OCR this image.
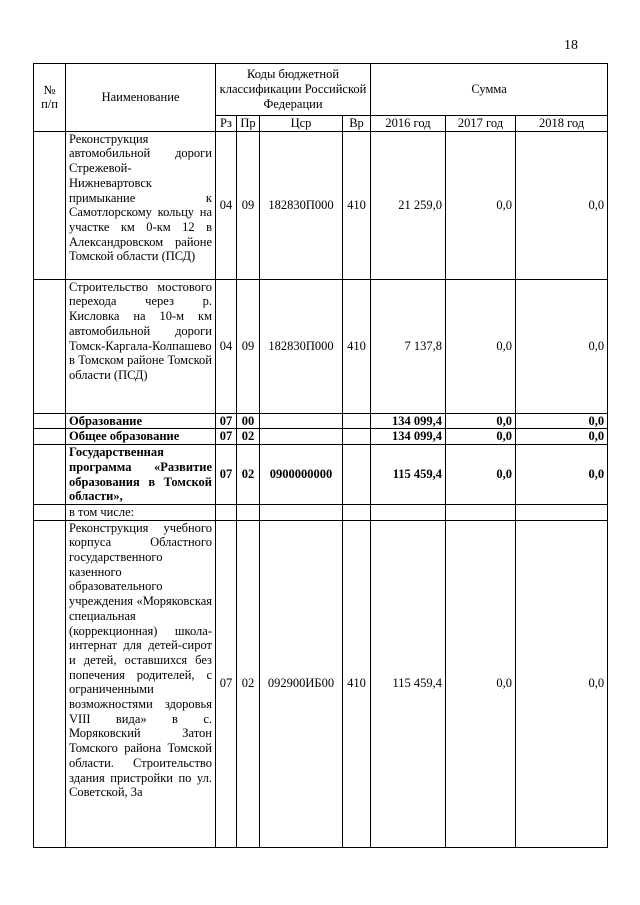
18
№ п/п	Наименование	Коды бюджетной классификации Российской Федерации				Сумма		
		Рз	Пр	Цср	Вр	2016 год	2017 год	2018 год
	Реконструкция автомобильной дороги Стрежевой-Нижневартовск примыкание к Самотлорскому кольцу на участке км 0-км 12 в Александровском районе Томской области (ПСД)	04	09	182830П000	410	21 259,0	0,0	0,0
	Строительство мостового перехода через р. Кисловка на 10-м км автомобильной дороги Томск-Каргала-Колпашево в Томском районе Томской области (ПСД)	04	09	182830П000	410	7 137,8	0,0	0,0
	Образование	07	00			134 099,4	0,0	0,0
	Общее образование	07	02			134 099,4	0,0	0,0
	Государственная программа «Развитие образования в Томской области»,	07	02	0900000000		115 459,4	0,0	0,0
	в том числе:							
	Реконструкция учебного корпуса Областного государственного казенного образовательного учреждения «Моряковская специальная (коррекционная) школа-интернат для детей-сирот и детей, оставшихся без попечения родителей, с ограниченными возможностями здоровья VIII вида» в с. Моряковский Затон Томского района Томской области. Строительство здания пристройки по ул. Советской, 3а	07	02	092900ИБ00	410	115 459,4	0,0	0,0
